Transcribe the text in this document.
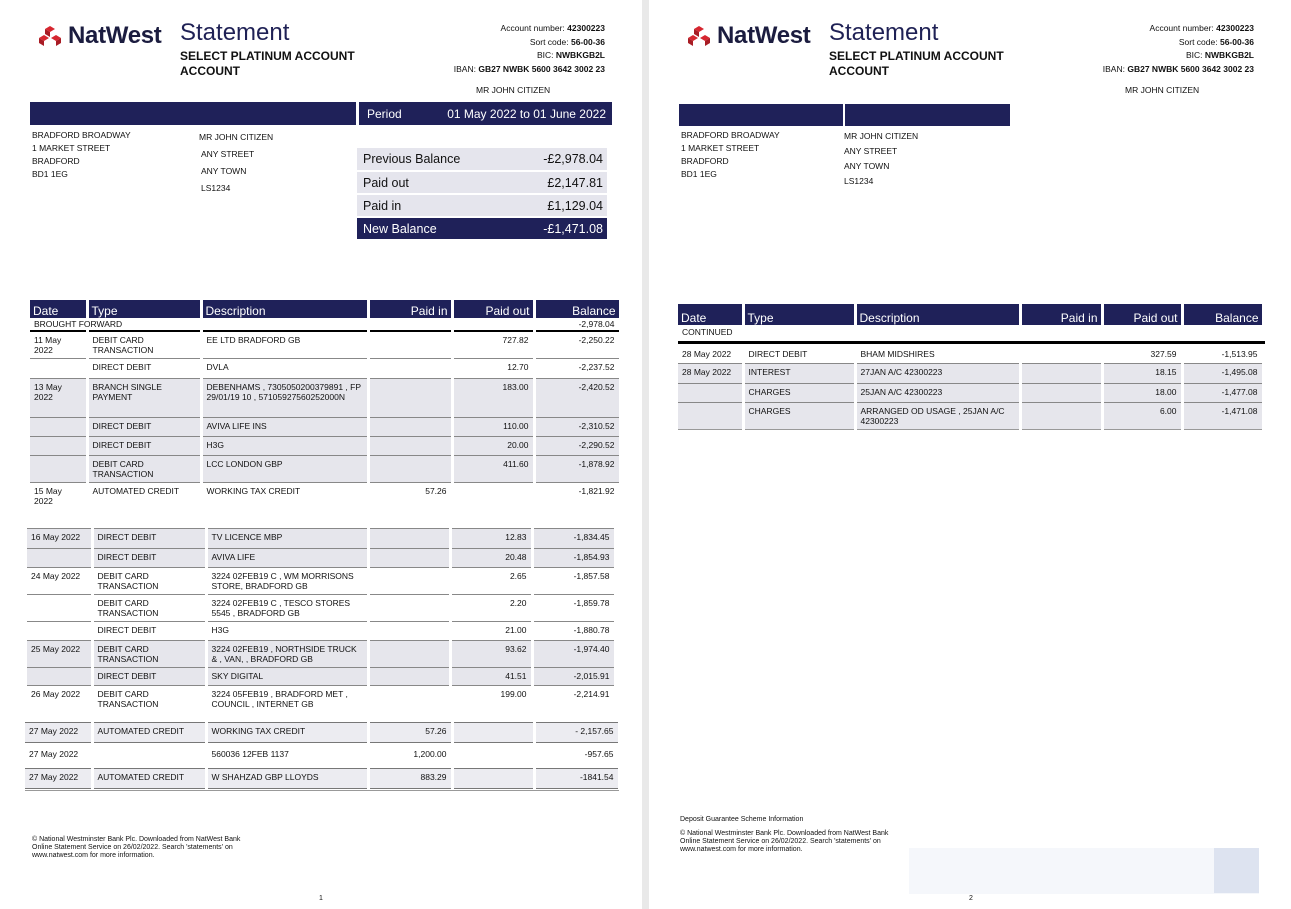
NatWest Statement
SELECT PLATINUM ACCOUNT ACCOUNT
Account number: 42300223
Sort code: 56-00-36
BIC: NWBKGB2L
IBAN: GB27 NWBK 5600 3642 3002 23
MR JOHN CITIZEN
Period	01 May 2022 to 01 June 2022
BRADFORD BROADWAY
1 MARKET STREET
BRADFORD
BD1 1EG
MR JOHN CITIZEN
ANY STREET
ANY TOWN
LS1234
Previous Balance	-£2,978.04
Paid out	£2,147.81
Paid in	£1,129.04
New Balance	-£1,471.08
Date	Type	Description	Paid in	Paid out	Balance
BROUGHT FORWARD					-2,978.04
11 May 2022	DEBIT CARD TRANSACTION	EE LTD BRADFORD GB		727.82	-2,250.22
	DIRECT DEBIT	DVLA		12.70	-2,237.52
13 May 2022	BRANCH SINGLE PAYMENT	DEBENHAMS , 7305050200379891 , FP 29/01/19 10 , 57105927560252000N		183.00	-2,420.52
	DIRECT DEBIT	AVIVA LIFE INS		110.00	-2,310.52
	DIRECT DEBIT	H3G		20.00	-2,290.52
	DEBIT CARD TRANSACTION	LCC LONDON GBP		411.60	-1,878.92
15 May 2022	AUTOMATED CREDIT	WORKING TAX CREDIT	57.26		-1,821.92
16 May 2022	DIRECT DEBIT	TV LICENCE MBP		12.83	-1,834.45
	DIRECT DEBIT	AVIVA LIFE		20.48	-1,854.93
24 May 2022	DEBIT CARD TRANSACTION	3224 02FEB19 C , WM MORRISONS STORE, BRADFORD GB		2.65	-1,857.58
	DEBIT CARD TRANSACTION	3224 02FEB19 C , TESCO STORES 5545 , BRADFORD GB		2.20	-1,859.78
	DIRECT DEBIT	H3G		21.00	-1,880.78
25 May 2022	DEBIT CARD TRANSACTION	3224 02FEB19 , NORTHSIDE TRUCK & , VAN, , BRADFORD GB		93.62	-1,974.40
	DIRECT DEBIT	SKY DIGITAL		41.51	-2,015.91
26 May 2022	DEBIT CARD TRANSACTION	3224 05FEB19 , BRADFORD MET , COUNCIL , INTERNET GB		199.00	-2,214.91
27 May 2022	AUTOMATED CREDIT	WORKING TAX CREDIT	57.26		- 2,157.65
27 May 2022		560036 12FEB 1137	1,200.00		-957.65

27 May 2022	AUTOMATED CREDIT	W SHAHZAD GBP LLOYDS	883.29		-1841.54
© National Westminster Bank Plc. Downloaded from NatWest Bank Online Statement Service on 26/02/2022. Search 'statements' on www.natwest.com for more information.
1
NatWest Statement
SELECT PLATINUM ACCOUNT ACCOUNT
Account number: 42300223
Sort code: 56-00-36
BIC: NWBKGB2L
IBAN: GB27 NWBK 5600 3642 3002 23
MR JOHN CITIZEN
BRADFORD BROADWAY
1 MARKET STREET
BRADFORD
BD1 1EG
MR JOHN CITIZEN
ANY STREET
ANY TOWN
LS1234
Date	Type	Description	Paid in	Paid out	Balance
CONTINUED					
28 May 2022	DIRECT DEBIT	BHAM MIDSHIRES		327.59	-1,513.95
28 May 2022	INTEREST	27JAN A/C 42300223		18.15	-1,495.08
	CHARGES	25JAN A/C 42300223		18.00	-1,477.08
	CHARGES	ARRANGED OD USAGE , 25JAN A/C 42300223		6.00	-1,471.08
Deposit Guarantee Scheme Information
© National Westminster Bank Plc. Downloaded from NatWest Bank Online Statement Service on 26/02/2022. Search 'statements' on www.natwest.com for more information.
2
